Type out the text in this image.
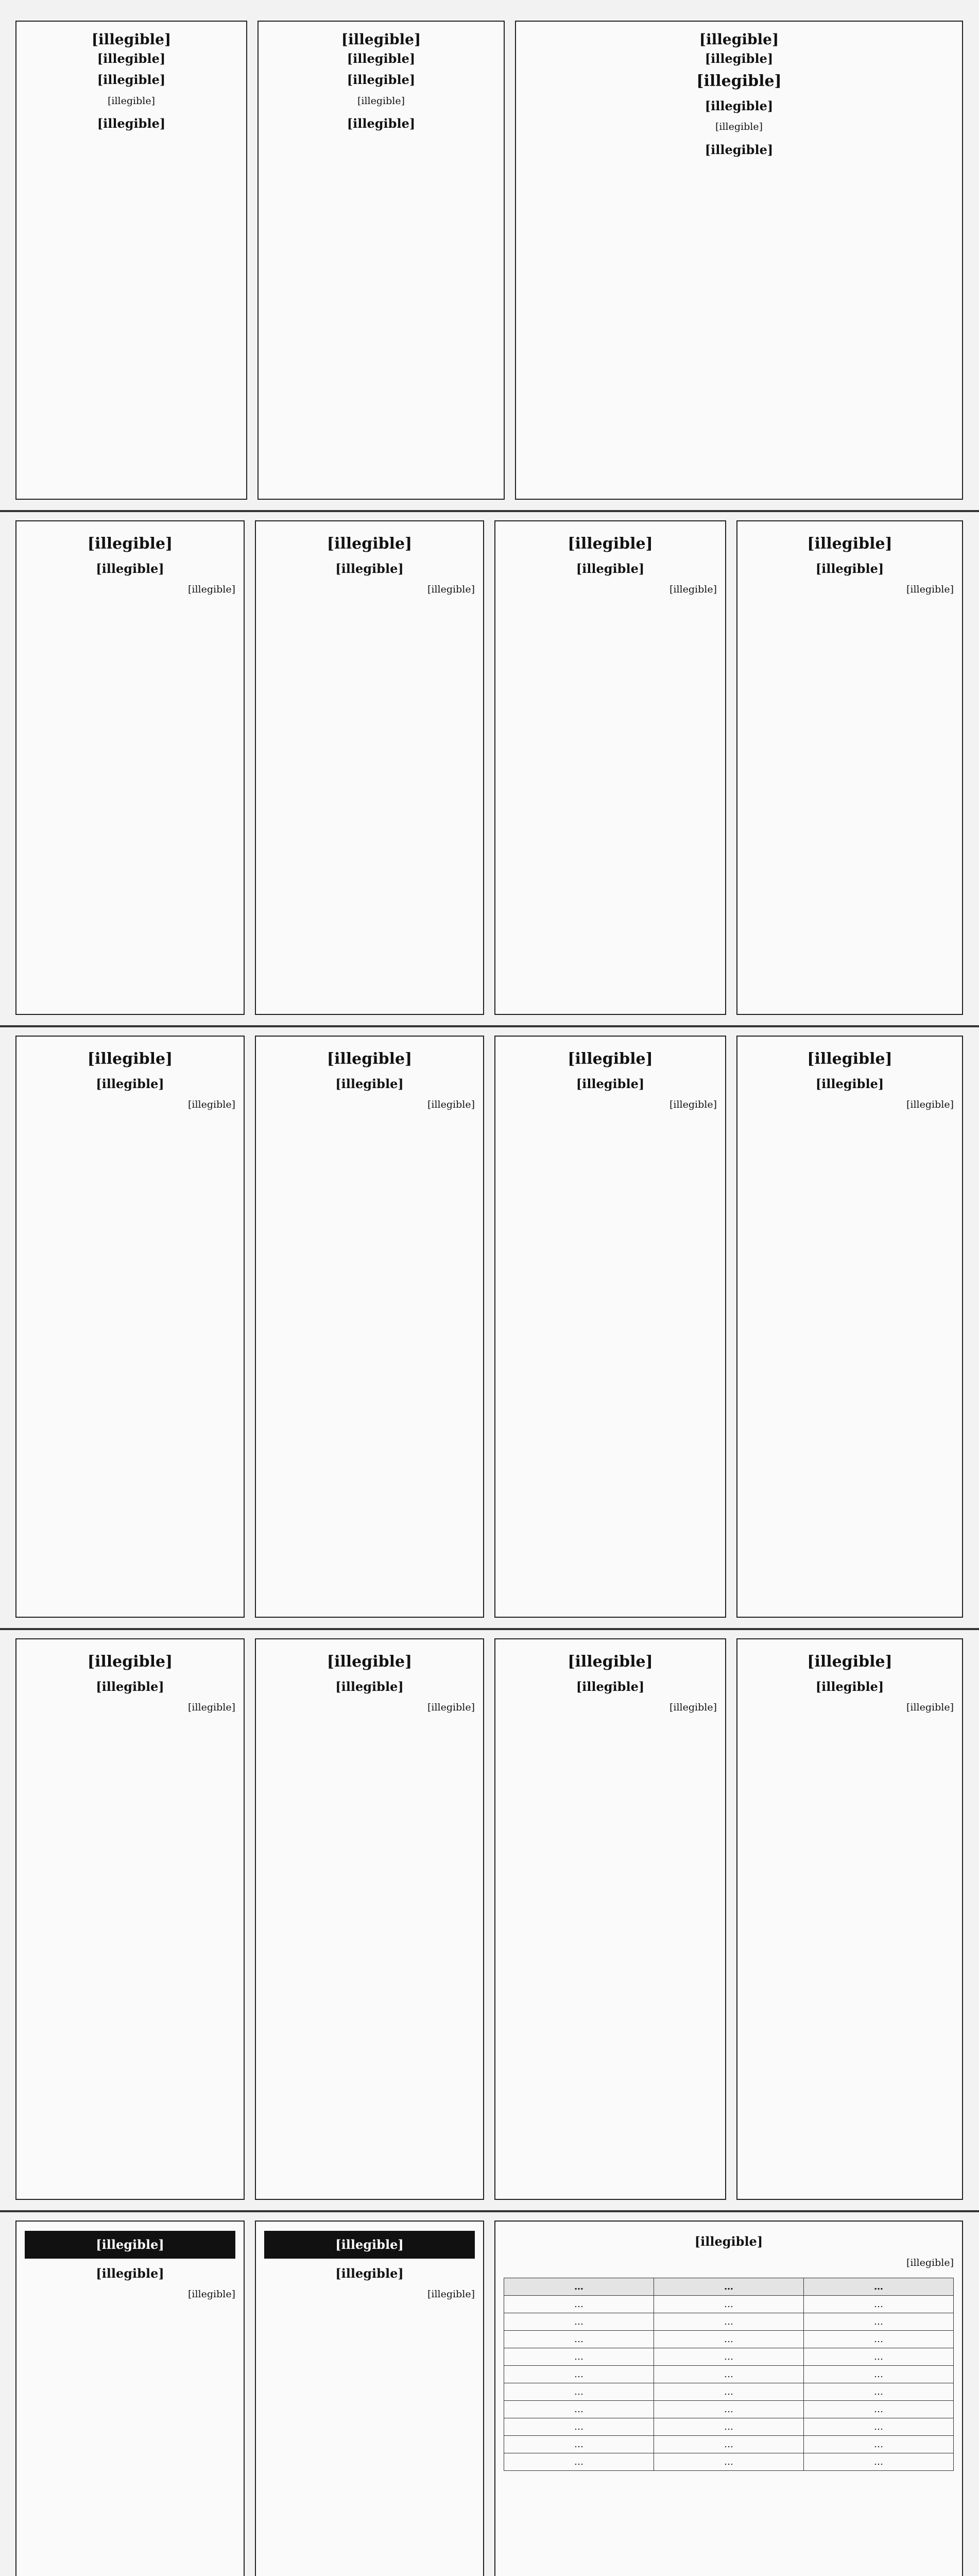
[illegible]
[illegible]
[illegible]
[illegible]

[illegible]

[illegible]
[illegible]
[illegible]
[illegible]

[illegible]

[illegible]
[illegible]
[illegible]
[illegible]

[illegible]

[illegible]
[illegible]
[illegible]

[illegible]

[illegible]
[illegible]

[illegible]

[illegible]
[illegible]

[illegible]

[illegible]
[illegible]

[illegible]

[illegible]
[illegible]

[illegible]

[illegible]
[illegible]

[illegible]

[illegible]
[illegible]

[illegible]

[illegible]
[illegible]

[illegible]

[illegible]
[illegible]

[illegible]

[illegible]
[illegible]

[illegible]

[illegible]
[illegible]

[illegible]

[illegible]
[illegible]

[illegible]

[illegible]

[illegible]

…	…	…
…	…	…
…	…	…
…	…	…
…	…	…
…	…	…
…	…	…
…	…	…
…	…	…
…	…	…
…	…	…
[illegible]
[illegible]

[illegible]

[illegible]
[illegible]

[illegible]
